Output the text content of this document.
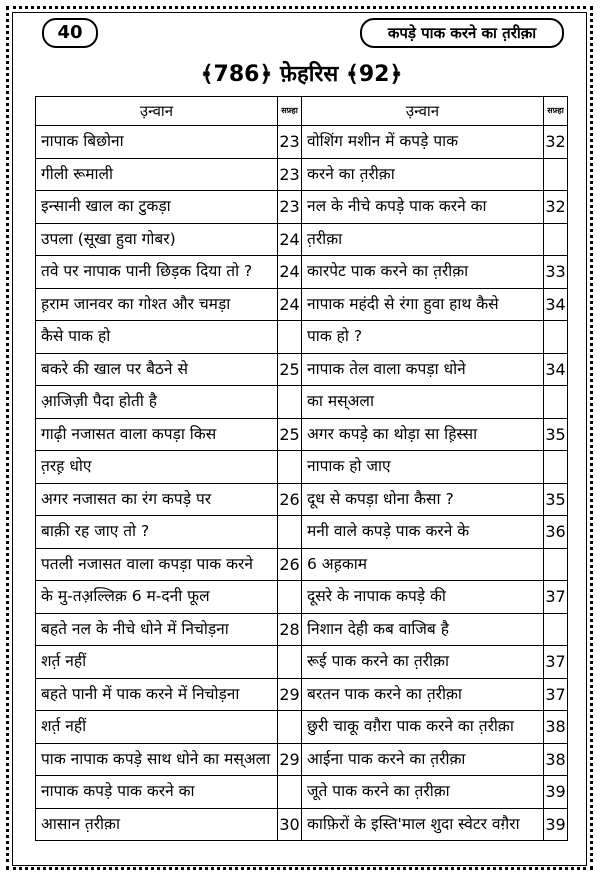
40	कपड़े पाक करने का त़रीक़ा
﴾786﴿ फ़ेहरिस ﴾92﴿
उ़न्वान	सफ़्हा	उ़न्वान	सफ़्हा
नापाक बिछोना	23	वोशिंग मशीन में कपड़े पाक	32
गीली रूमाली	23	करने का त़रीक़ा	
इन्सानी खाल का टुकड़ा	23	नल के नीचे कपड़े पाक करने का	32
उपला (सूखा हुवा गोबर)	24	त़रीक़ा	
तवे पर नापाक पानी छिड़क दिया तो ?	24	कारपेट पाक करने का त़रीक़ा	33
ह़राम जानवर का गोश्त और चमड़ा	24	नापाक महंदी से रंगा हुवा हाथ कैसे	34
कैसे पाक हो		पाक हो ?	
बकरे की खाल पर बैठने से	25	नापाक तेल वाला कपड़ा धोने	34
आ़जिज़ी पैदा होती है		का मस्अला	
गाढ़ी नजासत वाला कपड़ा किस	25	अगर कपड़े का थोड़ा सा ह़िस्सा	35
त़रह़ धोए		नापाक हो जाए	
अगर नजासत का रंग कपड़े पर	26	दूध से कपड़ा धोना कैसा ?	35
बाक़ी रह जाए तो ?		मनी वाले कपड़े पाक करने के	36
पतली नजासत वाला कपड़ा पाक करने	26	6 अह़काम	
के मु-तअ़ल्लिक़ 6 म-दनी फूल		दूसरे के नापाक कपड़े की	37
बहते नल के नीचे धोने में निचोड़ना	28	निशान देही कब वाजिब है	
शर्त़ नहीं		रूई पाक करने का त़रीक़ा	37
बहते पानी में पाक करने में निचोड़ना	29	बरतन पाक करने का त़रीक़ा	37
शर्त़ नहीं		छुरी चाकू वग़ैरा पाक करने का त़रीक़ा	38
पाक नापाक कपड़े साथ धोने का मस्अला	29	आईना पाक करने का त़रीक़ा	38
नापाक कपड़े पाक करने का		जूते पाक करने का त़रीक़ा	39
आसान त़रीक़ा	30	काफ़िरों के इस्ति'माल शुदा स्वेटर वग़ैरा	39
